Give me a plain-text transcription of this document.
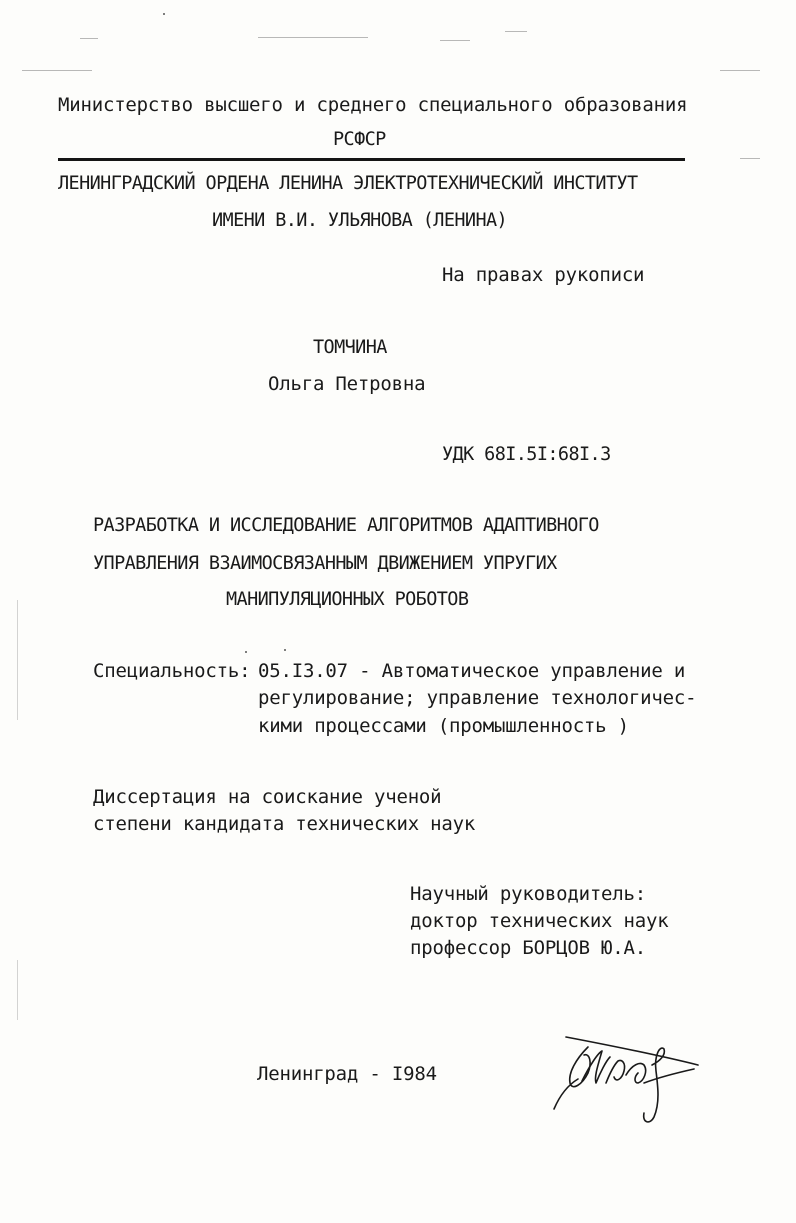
Министерство высшего и среднего специального образования
РСФСР
ЛЕНИНГРАДСКИЙ ОРДЕНА ЛЕНИНА ЭЛЕКТРОТЕХНИЧЕСКИЙ ИНСТИТУТ
ИМЕНИ В.И. УЛЬЯНОВА (ЛЕНИНА)
На правах рукописи
ТОМЧИНА
Ольга Петровна
УДК 68I.5I:68I.3
РАЗРАБОТКА И ИССЛЕДОВАНИЕ АЛГОРИТМОВ АДАПТИВНОГО
УПРАВЛЕНИЯ ВЗАИМОСВЯЗАННЫМ ДВИЖЕНИЕМ УПРУГИХ
МАНИПУЛЯЦИОННЫХ РОБОТОВ
Специальность: 05.I3.07 - Автоматическое управление и
регулирование; управление технологичес-
кими процессами (промышленность )
Диссертация на соискание ученой
степени кандидата технических наук
Научный руководитель:
доктор технических наук
профессор БОРЦОВ Ю.А.
Ленинград - I984
